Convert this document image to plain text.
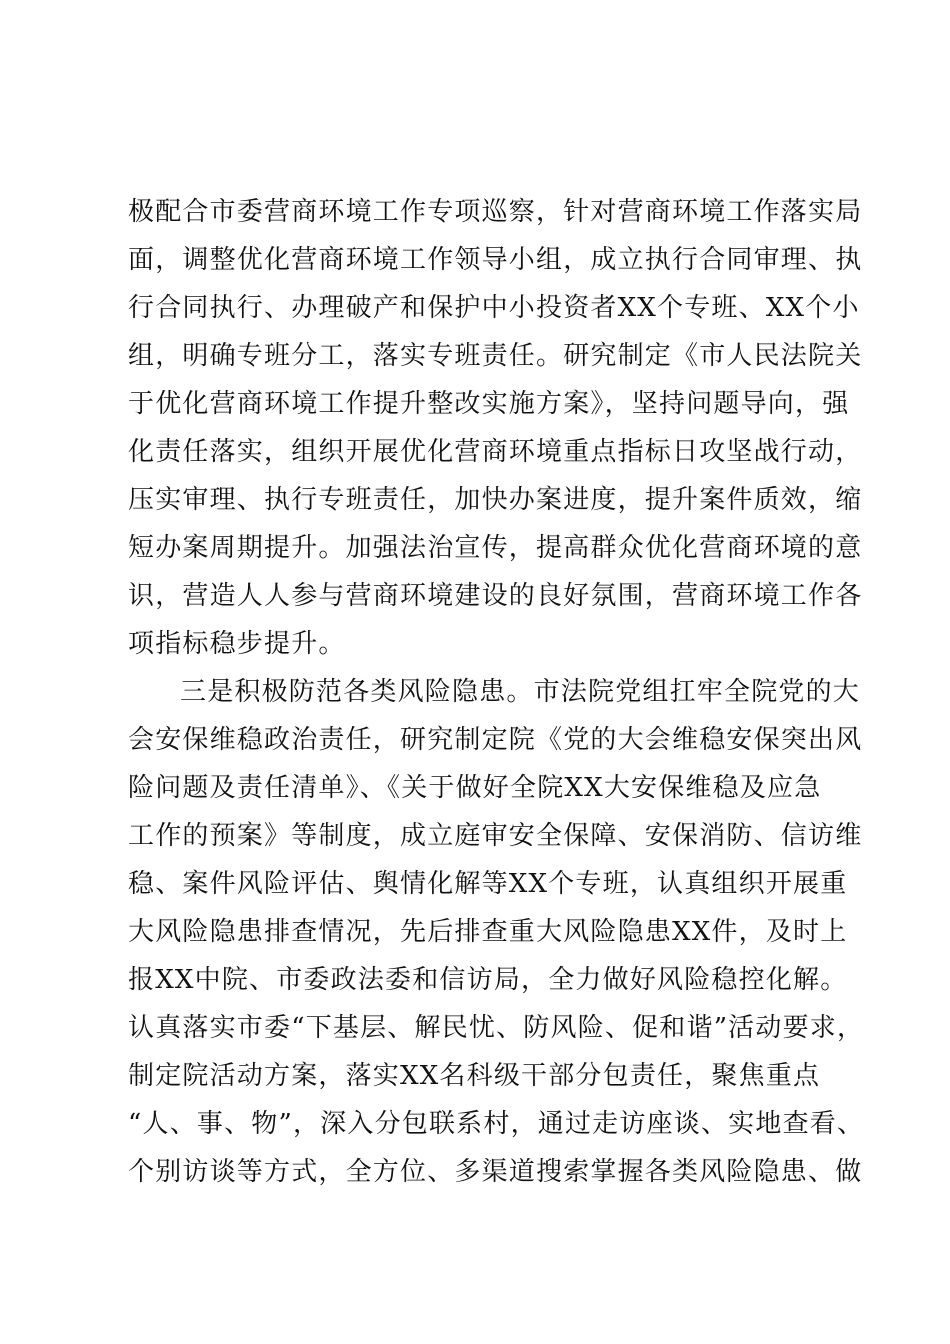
极配合市委营商环境工作专项巡察，针对营商环境工作落实局
面，调整优化营商环境工作领导小组，成立执行合同审理、执
行合同执行、办理破产和保护中小投资者XX个专班、XX个小
组，明确专班分工，落实专班责任。研究制定《市人民法院关
于优化营商环境工作提升整改实施方案》，坚持问题导向，强
化责任落实，组织开展优化营商环境重点指标日攻坚战行动，
压实审理、执行专班责任，加快办案进度，提升案件质效，缩
短办案周期提升。加强法治宣传，提高群众优化营商环境的意
识，营造人人参与营商环境建设的良好氛围，营商环境工作各
项指标稳步提升。
三是积极防范各类风险隐患。市法院党组扛牢全院党的大
会安保维稳政治责任，研究制定院《党的大会维稳安保突出风
险问题及责任清单》、《关于做好全院XX大安保维稳及应急
工作的预案》等制度，成立庭审安全保障、安保消防、信访维
稳、案件风险评估、舆情化解等XX个专班，认真组织开展重
大风险隐患排查情况，先后排查重大风险隐患XX件，及时上
报XX中院、市委政法委和信访局，全力做好风险稳控化解。
认真落实市委“下基层、解民忧、防风险、促和谐”活动要求，
制定院活动方案，落实XX名科级干部分包责任，聚焦重点
“人、事、物”，深入分包联系村，通过走访座谈、实地查看、
个别访谈等方式，全方位、多渠道搜索掌握各类风险隐患、做
